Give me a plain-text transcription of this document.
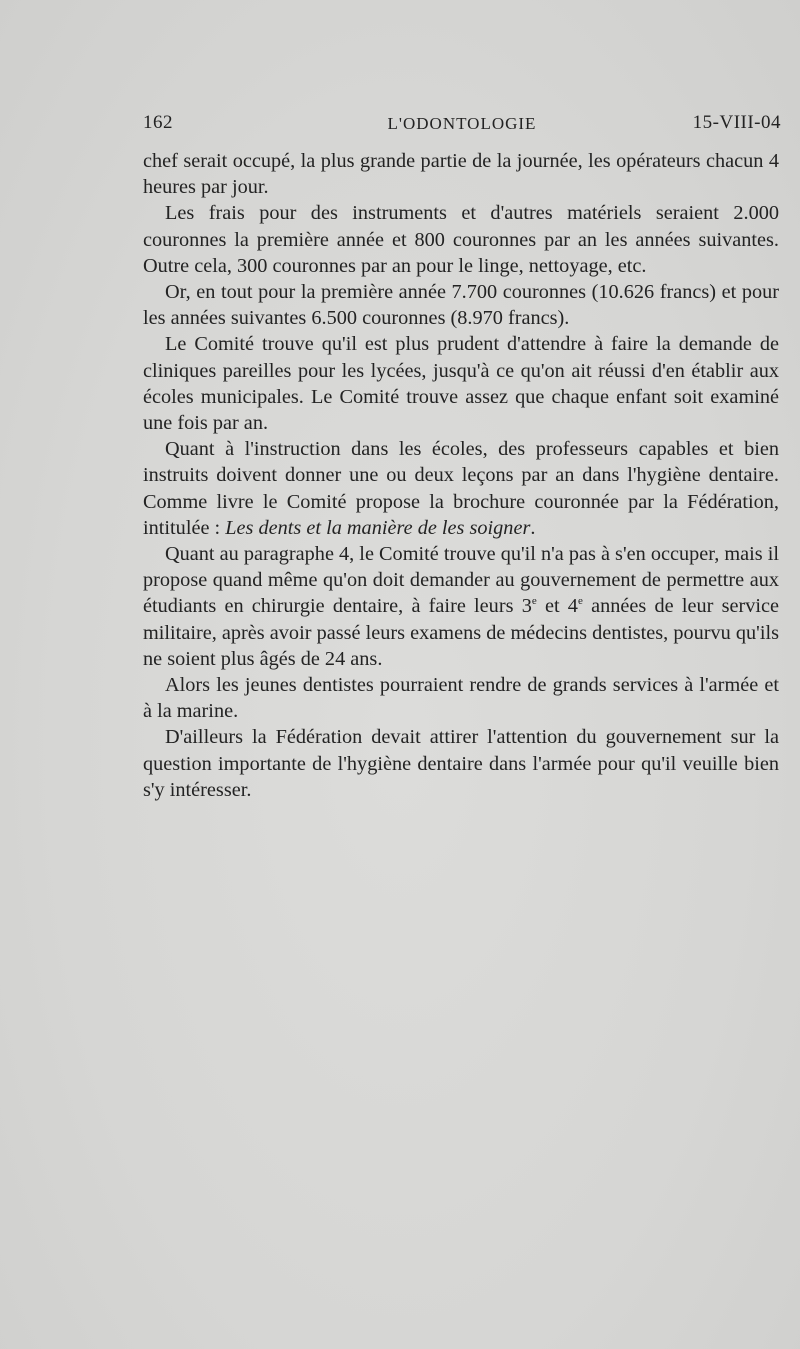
162	L'ODONTOLOGIE	15-VIII-04

chef serait occupé, la plus grande partie de la journée, les opérateurs chacun 4 heures par jour.

Les frais pour des instruments et d'autres matériels seraient 2.000 couronnes la première année et 800 couronnes par an les années suivantes. Outre cela, 300 couronnes par an pour le linge, nettoyage, etc.

Or, en tout pour la première année 7.700 couronnes (10.626 francs) et pour les années suivantes 6.500 couronnes (8.970 francs).

Le Comité trouve qu'il est plus prudent d'attendre à faire la demande de cliniques pareilles pour les lycées, jusqu'à ce qu'on ait réussi d'en établir aux écoles municipales. Le Comité trouve assez que chaque enfant soit examiné une fois par an.

Quant à l'instruction dans les écoles, des professeurs capables et bien instruits doivent donner une ou deux leçons par an dans l'hygiène dentaire. Comme livre le Comité propose la brochure couronnée par la Fédération, intitulée : Les dents et la manière de les soigner.

Quant au paragraphe 4, le Comité trouve qu'il n'a pas à s'en occuper, mais il propose quand même qu'on doit demander au gouvernement de permettre aux étudiants en chirurgie dentaire, à faire leurs 3e et 4e années de leur service militaire, après avoir passé leurs examens de médecins dentistes, pourvu qu'ils ne soient plus âgés de 24 ans.

Alors les jeunes dentistes pourraient rendre de grands services à l'armée et à la marine.

D'ailleurs la Fédération devait attirer l'attention du gouvernement sur la question importante de l'hygiène dentaire dans l'armée pour qu'il veuille bien s'y intéresser.
